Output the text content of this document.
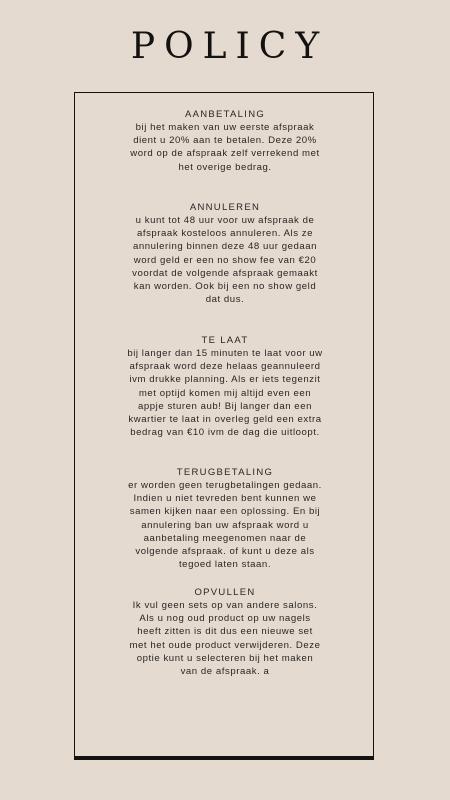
POLICY

AANBETALING

bij het maken van uw eerste afspraak
dient u 20% aan te betalen. Deze 20%
word op de afspraak zelf verrekend met
het overige bedrag.

ANNULEREN

u kunt tot 48 uur voor uw afspraak de
afspraak kosteloos annuleren. Als ze
annulering binnen deze 48 uur gedaan
word geld er een no show fee van €20
voordat de volgende afspraak gemaakt
kan worden. Ook bij een no show geld
dat dus.

TE LAAT

bij langer dan 15 minuten te laat voor uw
afspraak word deze helaas geannuleerd
ivm drukke planning. Als er iets tegenzit
met optijd komen mij altijd even een
appje sturen aub! Bij langer dan een
kwartier te laat in overleg geld een extra
bedrag van €10 ivm de dag die uitloopt.

TERUGBETALING

er worden geen terugbetalingen gedaan.
Indien u niet tevreden bent kunnen we
samen kijken naar een oplossing. En bij
annulering ban uw afspraak word u
aanbetaling meegenomen naar de
volgende afspraak. of kunt u deze als
tegoed laten staan.

OPVULLEN

Ik vul geen sets op van andere salons.
Als u nog oud product op uw nagels
heeft zitten is dit dus een nieuwe set
met het oude product verwijderen. Deze
optie kunt u selecteren bij het maken
van de afspraak. a
